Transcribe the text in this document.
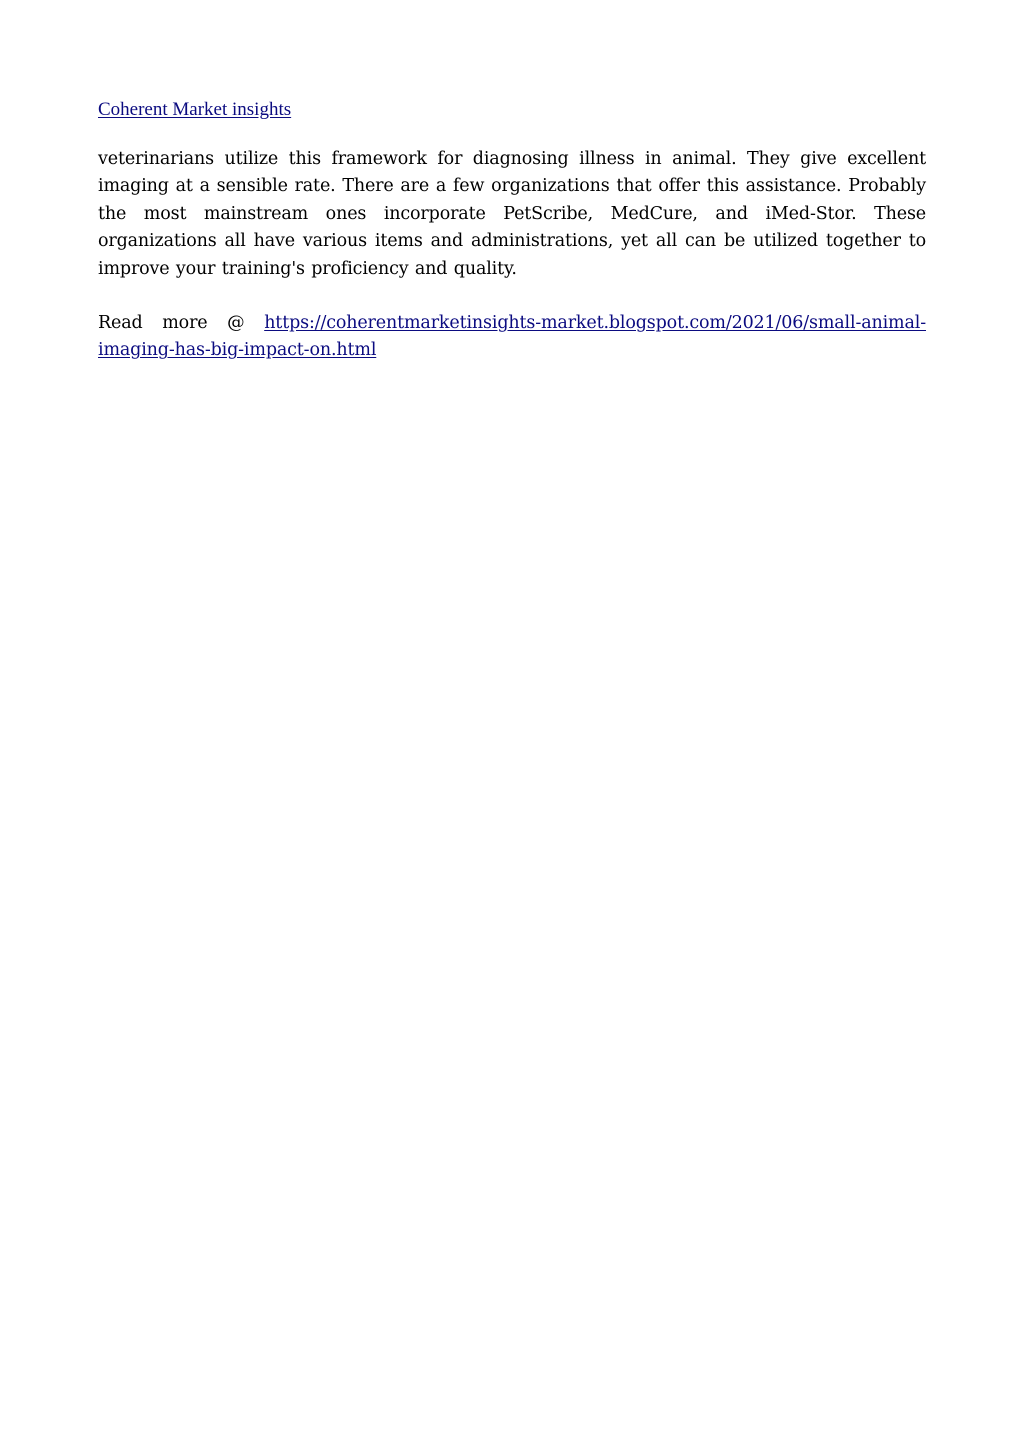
Coherent Market insights

veterinarians utilize this framework for diagnosing illness in animal. They give excellent imaging at a sensible rate. There are a few organizations that offer this assistance. Probably the most mainstream ones incorporate PetScribe, MedCure, and iMed-Stor. These organizations all have various items and administrations, yet all can be utilized together to improve your training's proficiency and quality.

Read more @ https://coherentmarketinsights-market.blogspot.com/2021/06/small-animal-imaging-has-big-impact-on.html
